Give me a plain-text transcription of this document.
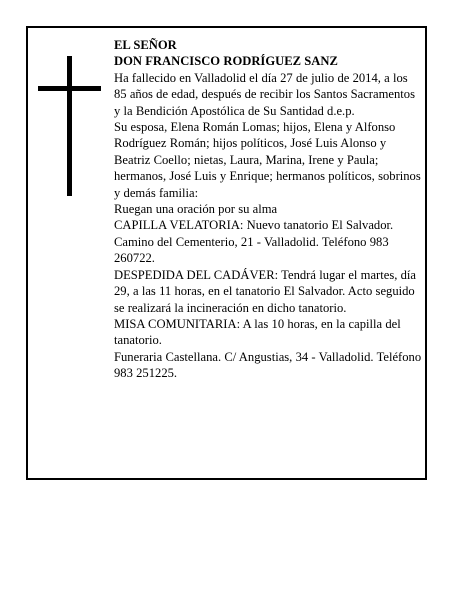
EL SEÑOR

DON FRANCISCO RODRÍGUEZ SANZ

Ha fallecido en Valladolid el día 27 de julio de 2014, a los 85 años de edad, después de recibir los Santos Sacramentos y la Bendición Apostólica de Su Santidad d.e.p.

Su esposa, Elena Román Lomas; hijos, Elena y Alfonso Rodríguez Román; hijos políticos, José Luis Alonso y Beatriz Coello; nietas, Laura, Marina, Irene y Paula; hermanos, José Luis y Enrique; hermanos políticos, sobrinos y demás familia:

Ruegan una oración por su alma

CAPILLA VELATORIA: Nuevo tanatorio El Salvador. Camino del Cementerio, 21 - Valladolid. Teléfono 983 260722.

DESPEDIDA DEL CADÁVER: Tendrá lugar el martes, día 29, a las 11 horas, en el tanatorio El Salvador. Acto seguido se realizará la incineración en dicho tanatorio.

MISA COMUNITARIA: A las 10 horas, en la capilla del tanatorio.

Funeraria Castellana. C/ Angustias, 34 - Valladolid. Teléfono 983 251225.
